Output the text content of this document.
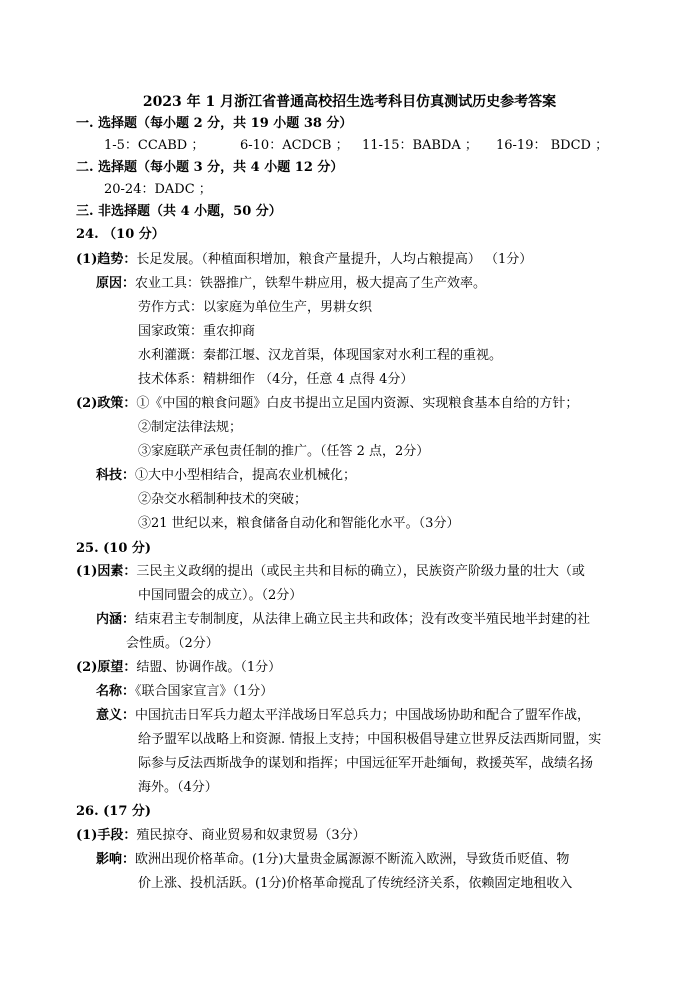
2023 年 1 月浙江省普通高校招生选考科目仿真测试历史参考答案
一. 选择题（每小题 2 分，共 19 小题 38 分）
1-5：CCABD ；	6-10：ACDCB ； 11-15：BABDA ； 16-19： BDCD ；
二. 选择题（每小题 3 分，共 4 小题 12 分）
20-24：DADC ；
三. 非选择题（共 4 小题，50 分）
24. （10 分）
(1)趋势：长足发展。（种植面积增加，粮食产量提升，人均占粮提高） （1分）
原因：农业工具：铁器推广，铁犁牛耕应用，极大提高了生产效率。
劳作方式：以家庭为单位生产，男耕女织
国家政策：重农抑商
水利灌溉：秦都江堰、汉龙首渠，体现国家对水利工程的重视。
技术体系：精耕细作 （4分，任意 4 点得 4分）
(2)政策：①《中国的粮食问题》白皮书提出立足国内资源、实现粮食基本自给的方针；
②制定法律法规；
③家庭联产承包责任制的推广。（任答 2 点，2分）
科技：①大中小型相结合，提高农业机械化；
②杂交水稻制种技术的突破；
③21 世纪以来，粮食储备自动化和智能化水平。（3分）
25. (10 分)
(1)因素：三民主义政纲的提出（或民主共和目标的确立），民族资产阶级力量的壮大（或
中国同盟会的成立）。（2分）
内涵：结束君主专制制度，从法律上确立民主共和政体；没有改变半殖民地半封建的社
会性质。（2分）
(2)原望：结盟、协调作战。（1分）
名称：《联合国家宣言》（1分）
意义：中国抗击日军兵力超太平洋战场日军总兵力；中国战场协助和配合了盟军作战，
给予盟军以战略上和资源. 情报上支持；中国积极倡导建立世界反法西斯同盟，实
际参与反法西斯战争的谋划和指挥；中国远征军开赴缅甸，救援英军，战绩名扬
海外。（4分）
26. (17 分)
(1)手段：殖民掠夺、商业贸易和奴隶贸易（3分）
影响：欧洲出现价格革命。(1分)大量贵金属源源不断流入欧洲，导致货币贬值、物
价上涨、投机活跃。(1分)价格革命搅乱了传统经济关系，依赖固定地租收入
